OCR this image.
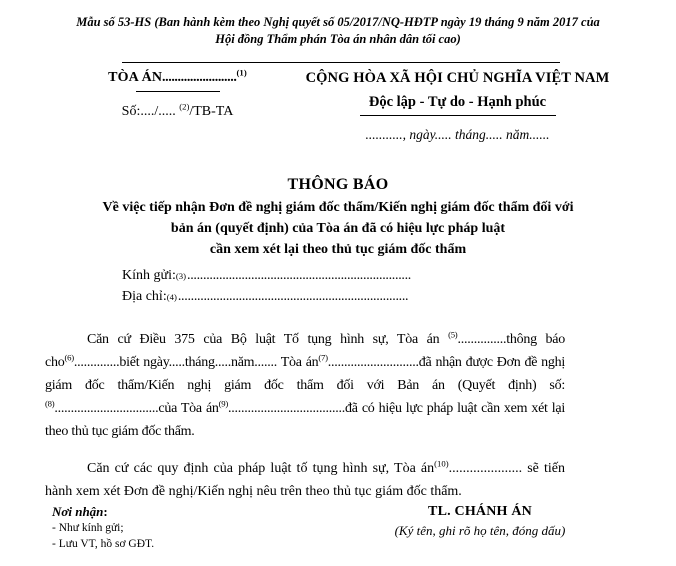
Mẫu số 53-HS (Ban hành kèm theo Nghị quyết số 05/2017/NQ-HĐTP ngày 19 tháng 9 năm 2017 của
Hội đồng Thẩm phán Tòa án nhân dân tối cao)
TÒA ÁN........................$^{(1)}$
Số:..../..... $^{(2)}$/TB-TA
CỘNG HÒA XÃ HỘI CHỦ NGHĨA VIỆT NAM
Độc lập - Tự do - Hạnh phúc
..........., ngày..... tháng..... năm......
THÔNG BÁO
Về việc tiếp nhận Đơn đề nghị giám đốc thẩm/Kiến nghị giám đốc thẩm đối với
bản án (quyết định) của Tòa án đã có hiệu lực pháp luật
cần xem xét lại theo thủ tục giám đốc thẩm
Kính gửi: (3) ......................................................................
Địa chỉ: (4) ........................................................................

Căn cứ Điều 375 của Bộ luật Tố tụng hình sự, Tòa án $^{(5)}$...............thông báo cho$^{(6)}$..............biết ngày.....tháng.....năm....... Tòa $án^{(7)}............................đã$ nhận được Đơn đề nghị giám đốc thẩm/Kiến nghị giám đốc thẩm đối với Bản án (Quyết định) số:$^{(8)}$................................của Tòa $án^{(9)}....................................đã$ có hiệu lực pháp luật cần xem xét lại theo thủ tục giám đốc thẩm.

Căn cứ các quy định của pháp luật tố tụng hình sự, Tòa $án^{(10)}$..................... sẽ tiến hành xem xét Đơn đề nghị/Kiến nghị nêu trên theo thủ tục giám đốc thẩm.

Nơi nhận:
- Như kính gửi;
- Lưu VT, hồ sơ GĐT.
TL. CHÁNH ÁN
(Ký tên, ghi rõ họ tên, đóng dấu)
